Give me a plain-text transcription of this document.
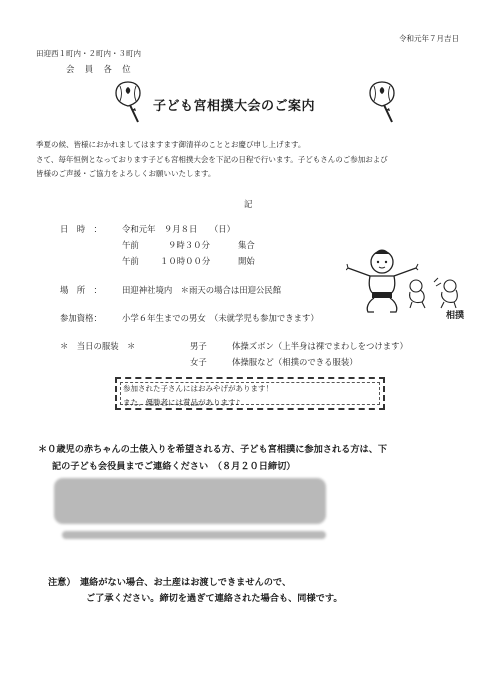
令和元年７月吉日
田迎西１町内・２町内・３町内
会　員　各　位
子ども宮相撲大会のご案内
季夏の候、皆様におかれましてはますます御清祥のこととお慶び申し上げます。
さて、毎年恒例となっております子ども宮相撲大会を下記の日程で行います。子どもさんのご参加および
皆様のご声援・ご協力をよろしくお願いいたします。
記
日　時　： 令和元年　９月８日　　（日）
午前	９時３０分	集合
午前	１０時００分	開始
場　所　： 田迎神社境内　＊雨天の場合は田迎公民館
参加資格： 小学６年生までの男女　（未就学児も参加できます）
＊　当日の服装　＊	男子	体操ズボン（上半身は裸でまわしをつけます）
女子	体操服など（相撲のできる服装）
相撲
参加された子さんにはおみやげがあります！
また、優勝者には賞品があります♪
＊０歳児の赤ちゃんの土俵入りを希望される方、子ども宮相撲に参加される方は、下
記の子ども会役員までご連絡ください　（８月２０日締切）
注意） 連絡がない場合、お土産はお渡しできませんので、
ご了承ください。締切を過ぎて連絡された場合も、同様です。
